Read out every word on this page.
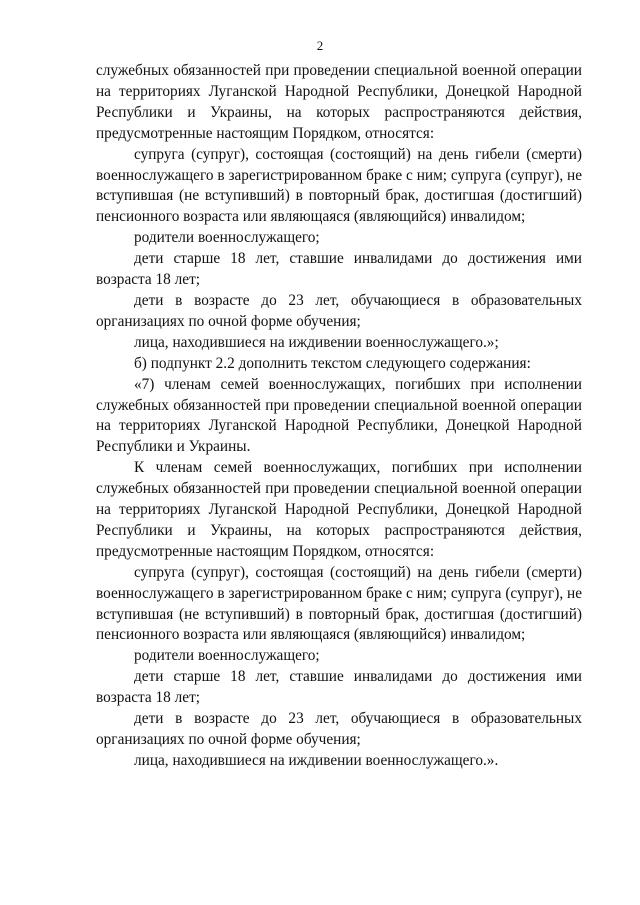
2

служебных обязанностей при проведении специальной военной операции на территориях Луганской Народной Республики, Донецкой Народной Республики и Украины, на которых распространяются действия, предусмотренные настоящим Порядком, относятся:

супруга (супруг), состоящая (состоящий) на день гибели (смерти) военнослужащего в зарегистрированном браке с ним; супруга (супруг), не вступившая (не вступивший) в повторный брак, достигшая (достигший) пенсионного возраста или являющаяся (являющийся) инвалидом;

родители военнослужащего;

дети старше 18 лет, ставшие инвалидами до достижения ими возраста 18 лет;

дети в возрасте до 23 лет, обучающиеся в образовательных организациях по очной форме обучения;

лица, находившиеся на иждивении военнослужащего.»;

б) подпункт 2.2 дополнить текстом следующего содержания:

«7) членам семей военнослужащих, погибших при исполнении служебных обязанностей при проведении специальной военной операции на территориях Луганской Народной Республики, Донецкой Народной Республики и Украины.

К членам семей военнослужащих, погибших при исполнении служебных обязанностей при проведении специальной военной операции на территориях Луганской Народной Республики, Донецкой Народной Республики и Украины, на которых распространяются действия, предусмотренные настоящим Порядком, относятся:

супруга (супруг), состоящая (состоящий) на день гибели (смерти) военнослужащего в зарегистрированном браке с ним; супруга (супруг), не вступившая (не вступивший) в повторный брак, достигшая (достигший) пенсионного возраста или являющаяся (являющийся) инвалидом;

родители военнослужащего;

дети старше 18 лет, ставшие инвалидами до достижения ими возраста 18 лет;

дети в возрасте до 23 лет, обучающиеся в образовательных организациях по очной форме обучения;

лица, находившиеся на иждивении военнослужащего.».
